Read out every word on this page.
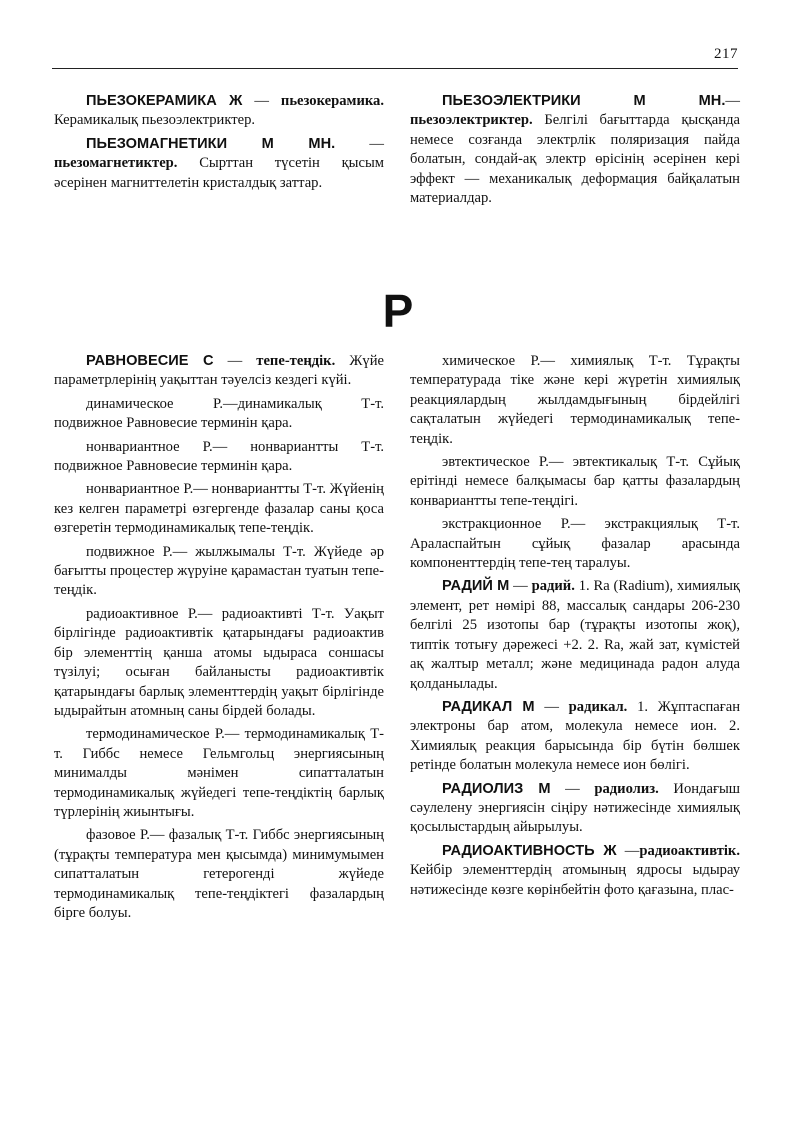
217

ПЬЕЗОКЕРАМИКА Ж — пьезокерамика. Керамикалық пьезоэлектриктер.

ПЬЕЗОМАГНЕТИКИ М МН. — пьезомагнетиктер. Сырттан түсетін қысым әсерінен магниттелетін кристалдық заттар.

ПЬЕЗОЭЛЕКТРИКИ М МН.— пьезоэлектриктер. Белгілі бағыттарда қысқанда немесе созғанда электрлік поляризация пайда болатын, сондай-ақ электр өрісінің әсерінен кері эффект — механикалық деформация байқалатын материалдар.

Р

РАВНОВЕСИЕ С — тепе-теңдік. Жүйе параметрлерінің уақыттан тәуелсіз кездегі күйі.

динамическое Р.—динамикалық Т-т. подвижное Равновесие терминін қара.

нонвариантное Р.— нонвариантты Т-т. подвижное Равновесие терминін қара.

нонвариантное Р.— нонвариантты Т-т. Жүйенің кез келген параметрі өзгергенде фазалар саны қоса өзгеретін термодинамикалық тепе-теңдік.

подвижное Р.— жылжымалы Т-т. Жүйеде әр бағытты процестер жүруіне қарамастан туатын тепе-теңдік.

радиоактивное Р.— радиоактивті Т-т. Уақыт бірлігінде радиоактивтік қатарындағы радиоактив бір элементтің қанша атомы ыдыраса соншасы түзілуі; осыған байланысты радиоактивтік қатарындағы барлық элементтердің уақыт бірлігінде ыдырайтын атомның саны бірдей болады.

термодинамическое Р.— термодинамикалық Т-т. Гиббс немесе Гельмгольц энергиясының минималды мәнімен сипатталатын термодинамикалық жүйедегі тепе-теңдіктің барлық түрлерінің жиынтығы.

фазовое Р.— фазалық Т-т. Гиббс энергиясының (тұрақты температура мен қысымда) минимумымен сипатталатын гетерогенді жүйеде термодинамикалық тепе-теңдіктегі фазалардың бірге болуы.

химическое Р.— химиялық Т-т. Тұрақты температурада тіке және кері жүретін химиялық реакциялардың жылдамдығының бірдейлігі сақталатын жүйедегі термодинамикалық тепе-теңдік.

эвтектическое Р.— эвтектикалық Т-т. Сұйық ерітінді немесе балқымасы бар қатты фазалардың конвариантты тепе-теңдігі.

экстракционное Р.— экстракциялық Т-т. Араласпайтын сұйық фазалар арасында компоненттердің тепе-тең таралуы.

РАДИЙ М — радий. 1. Ra (Radium), химиялық элемент, рет нөмірі 88, массалық сандары 206-230 белгілі 25 изотопы бар (тұрақты изотопы жоқ), типтік тотығу дәрежесі +2. 2. Ra, жай зат, күмістей ақ жалтыр металл; және медицинада радон алуда қолданылады.

РАДИКАЛ М — радикал. 1. Жұптаспаған электроны бар атом, молекула немесе ион. 2. Химиялық реакция барысында бір бүтін бөлшек ретінде болатын молекула немесе ион бөлігі.

РАДИОЛИЗ М — радиолиз. Иондағыш сәулелену энергиясін сіңіру нәтижесінде химиялық қосылыстардың айырылуы.

РАДИОАКТИВНОСТЬ Ж —радиоактивтік. Кейбір элементтердің атомының ядросы ыдырау нәтижесінде көзге көрінбейтін фото қағазына, плас-
